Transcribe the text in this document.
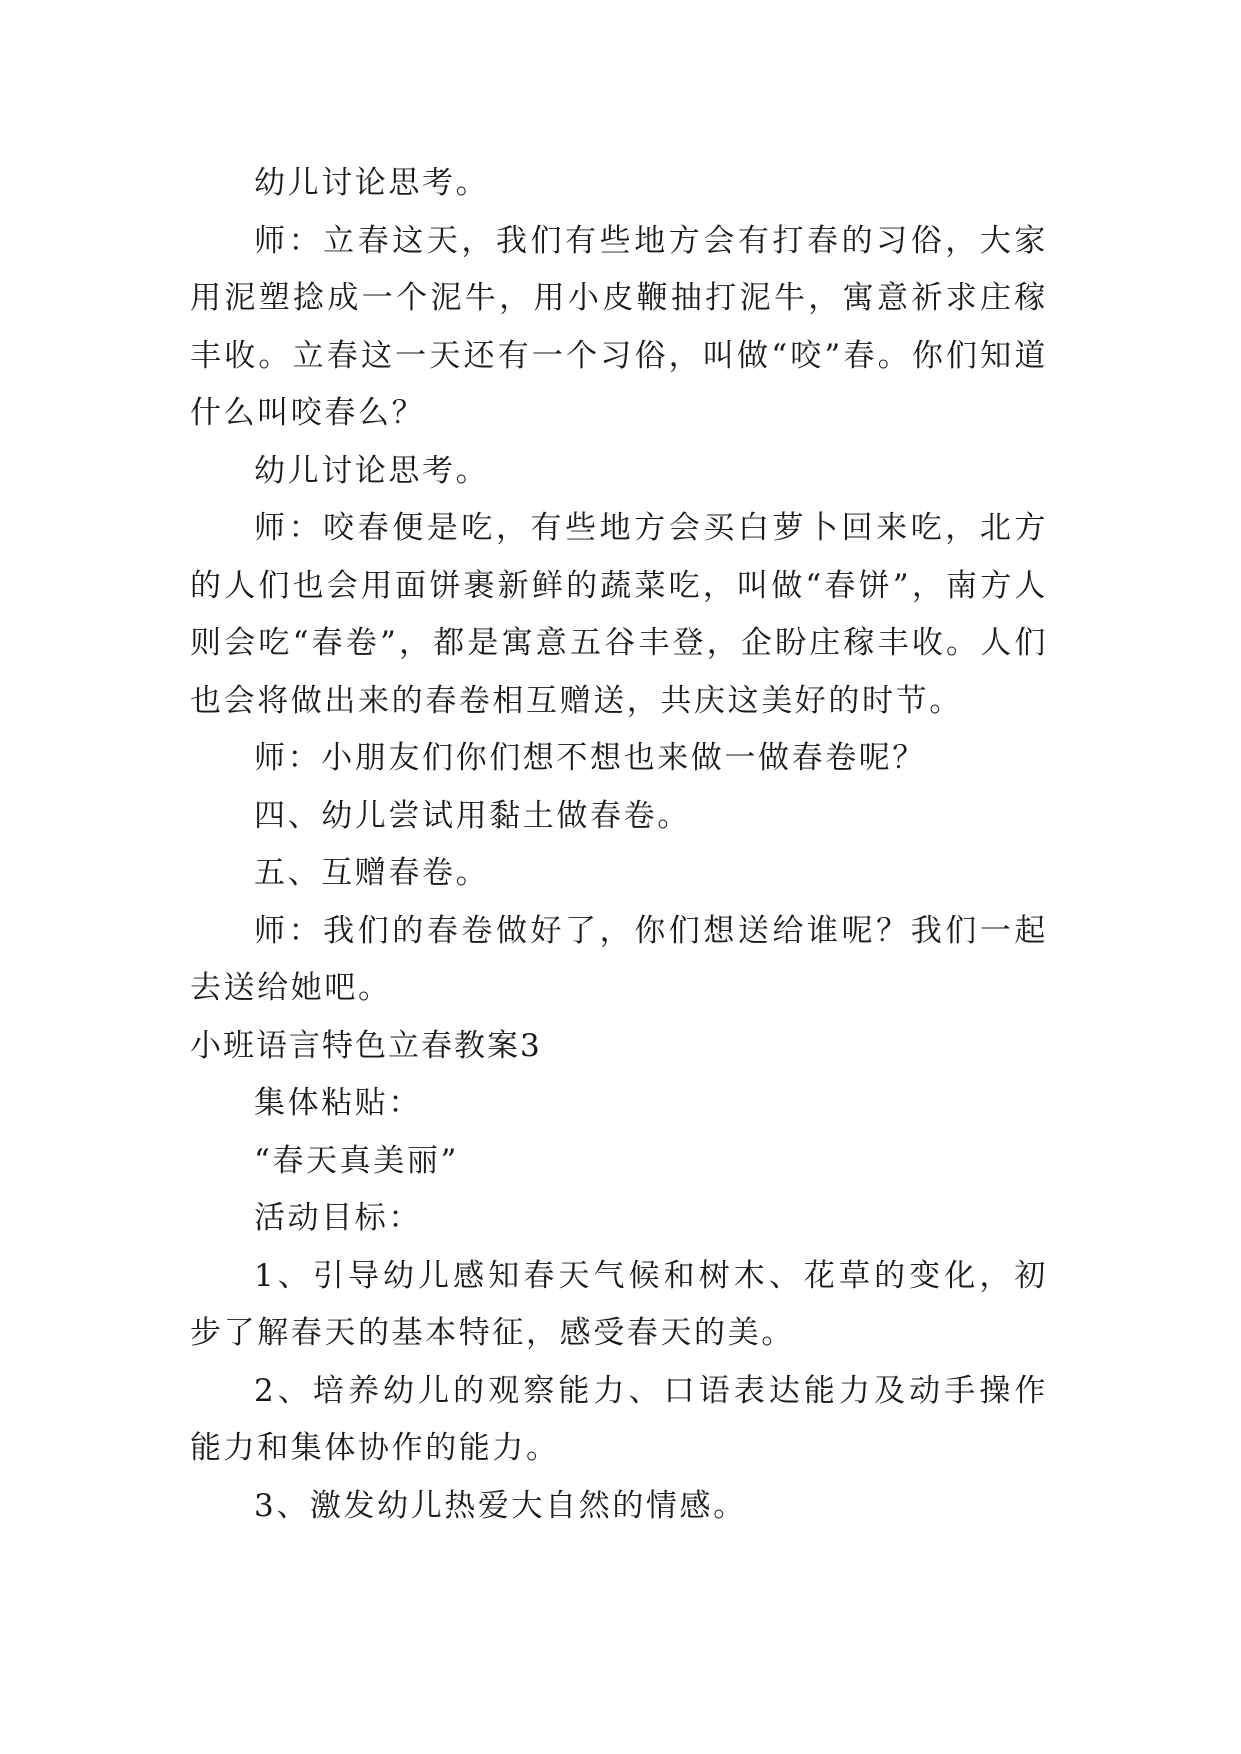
幼儿讨论思考。

师：立春这天，我们有些地方会有打春的习俗，大家用泥塑捻成一个泥牛，用小皮鞭抽打泥牛，寓意祈求庄稼丰收。立春这一天还有一个习俗，叫做“咬”春。你们知道什么叫咬春么？

幼儿讨论思考。

师：咬春便是吃，有些地方会买白萝卜回来吃，北方的人们也会用面饼裹新鲜的蔬菜吃，叫做“春饼”，南方人则会吃“春卷”，都是寓意五谷丰登，企盼庄稼丰收。人们也会将做出来的春卷相互赠送，共庆这美好的时节。

师：小朋友们你们想不想也来做一做春卷呢？

四、幼儿尝试用黏土做春卷。

五、互赠春卷。

师：我们的春卷做好了，你们想送给谁呢？我们一起去送给她吧。

小班语言特色立春教案3

集体粘贴：

“春天真美丽”

活动目标：

1、引导幼儿感知春天气候和树木、花草的变化，初步了解春天的基本特征，感受春天的美。

2、培养幼儿的观察能力、口语表达能力及动手操作能力和集体协作的能力。

3、激发幼儿热爱大自然的情感。
